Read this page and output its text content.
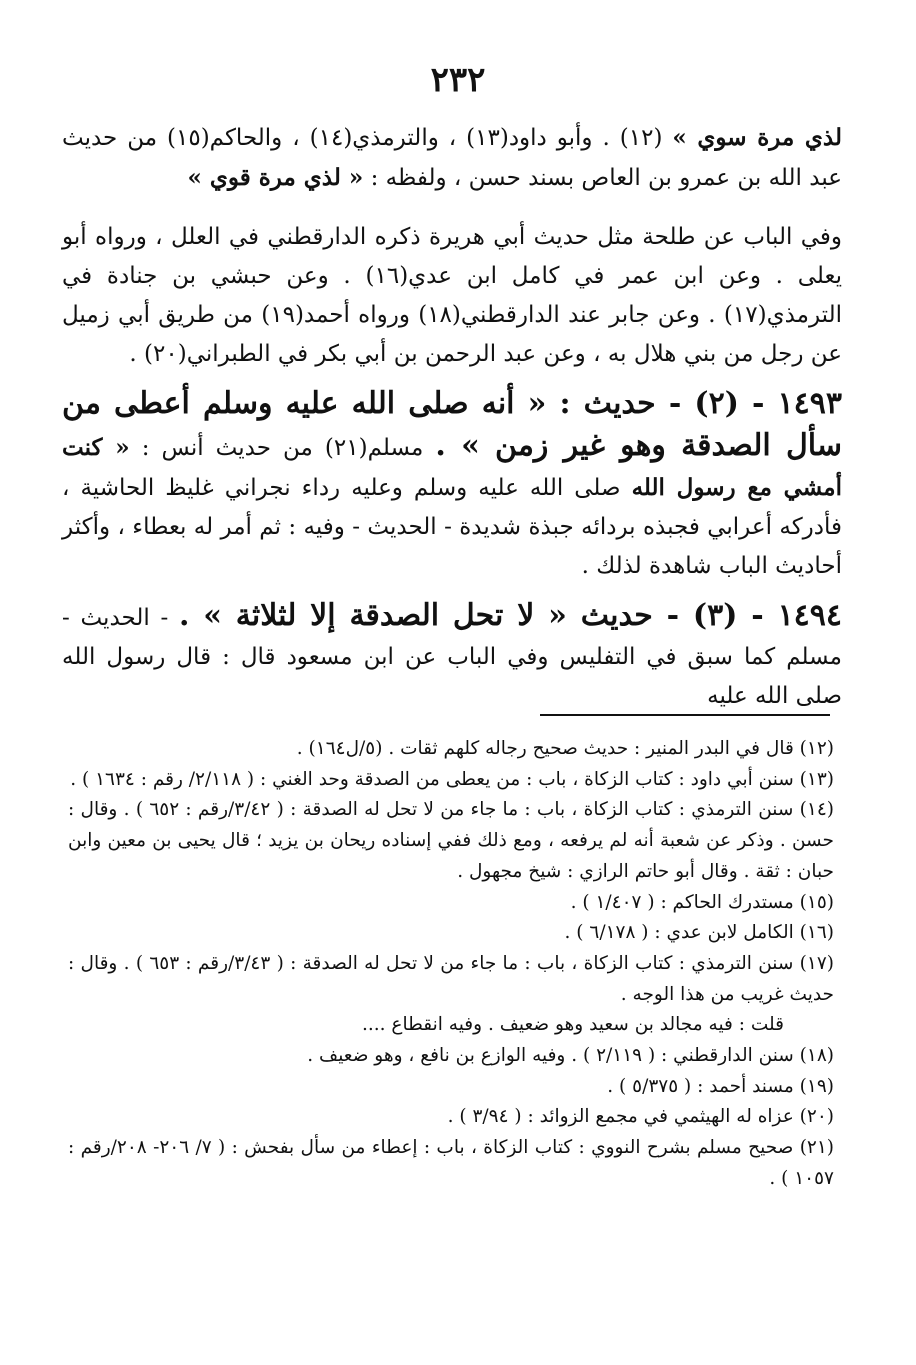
٢٣٢

لذي مرة سوي » (١٢) . وأبو داود(١٣) ، والترمذي(١٤) ، والحاكم(١٥) من حديث عبد الله بن عمرو بن العاص بسند حسن ، ولفظه : « لذي مرة قوي »

وفي الباب عن طلحة مثل حديث أبي هريرة ذكره الدارقطني في العلل ، ورواه أبو يعلى . وعن ابن عمر في كامل ابن عدي(١٦) . وعن حبشي بن جنادة في الترمذي(١٧) . وعن جابر عند الدارقطني(١٨) ورواه أحمد(١٩) من طريق أبي زميل عن رجل من بني هلال به ، وعن عبد الرحمن بن أبي بكر في الطبراني(٢٠) .

١٤٩٣ - (٢) - حديث : « أنه صلى الله عليه وسلم أعطى من سأل الصدقة وهو غير زمن » . مسلم(٢١) من حديث أنس : « كنت أمشي مع رسول الله صلى الله عليه وسلم وعليه رداء نجراني غليظ الحاشية ، فأدركه أعرابي فجبذه بردائه جبذة شديدة - الحديث - وفيه : ثم أمر له بعطاء ، وأكثر أحاديث الباب شاهدة لذلك .

١٤٩٤ - (٣) - حديث « لا تحل الصدقة إلا لثلاثة » . - الحديث - مسلم كما سبق في التفليس وفي الباب عن ابن مسعود قال : قال رسول الله صلى الله عليه

(١٢) قال في البدر المنير : حديث صحيح رجاله كلهم ثقات . (٥/ل١٦٤) .

(١٣) سنن أبي داود : كتاب الزكاة ، باب : من يعطى من الصدقة وحد الغني : ( ٢/١١٨/ رقم : ١٦٣٤ ) .

(١٤) سنن الترمذي : كتاب الزكاة ، باب : ما جاء من لا تحل له الصدقة : ( ٣/٤٢/رقم : ٦٥٢ ) . وقال : حسن . وذكر عن شعبة أنه لم يرفعه ، ومع ذلك ففي إسناده ريحان بن يزيد ؛ قال يحيى بن معين وابن حبان : ثقة . وقال أبو حاتم الرازي : شيخ مجهول .

(١٥) مستدرك الحاكم : ( ١/٤٠٧ ) .

(١٦) الكامل لابن عدي : ( ٦/١٧٨ ) .

(١٧) سنن الترمذي : كتاب الزكاة ، باب : ما جاء من لا تحل له الصدقة : ( ٣/٤٣/رقم : ٦٥٣ ) . وقال : حديث غريب من هذا الوجه .

قلت : فيه مجالد بن سعيد وهو ضعيف . وفيه انقطاع ....

(١٨) سنن الدارقطني : ( ٢/١١٩ ) . وفيه الوازع بن نافع ، وهو ضعيف .

(١٩) مسند أحمد : ( ٥/٣٧٥ ) .

(٢٠) عزاه له الهيثمي في مجمع الزوائد : ( ٣/٩٤ ) .

(٢١) صحيح مسلم بشرح النووي : كتاب الزكاة ، باب : إعطاء من سأل بفحش : ( ٧/ ٢٠٦- ٢٠٨/رقم : ١٠٥٧ ) .
